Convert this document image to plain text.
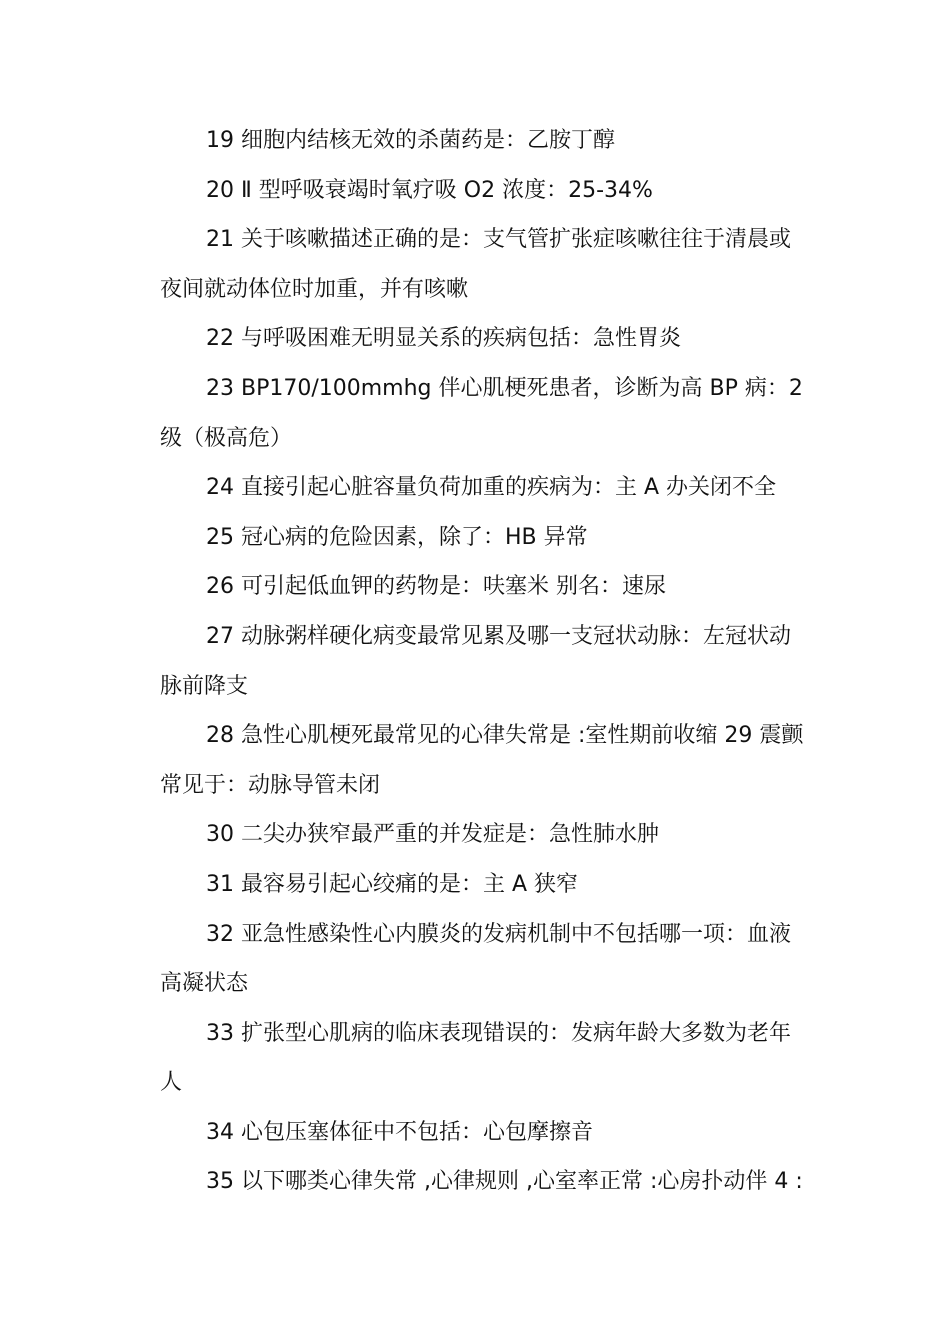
19 细胞内结核无效的杀菌药是：乙胺丁醇

20 Ⅱ 型呼吸衰竭时氧疗吸 O2 浓度：25-34%

21 关于咳嗽描述正确的是：支气管扩张症咳嗽往往于清晨或夜间就动体位时加重，并有咳嗽

22 与呼吸困难无明显关系的疾病包括：急性胃炎

23 BP170/100mmhg 伴心肌梗死患者，诊断为高 BP 病：2 级（极高危）

24 直接引起心脏容量负荷加重的疾病为：主 A 办关闭不全

25 冠心病的危险因素，除了：HB 异常

26 可引起低血钾的药物是：呋塞米 别名：速尿

27 动脉粥样硬化病变最常见累及哪一支冠状动脉：左冠状动脉前降支

28 急性心肌梗死最常见的心律失常是 :室性期前收缩 29 震颤常见于：动脉导管未闭

30 二尖办狭窄最严重的并发症是：急性肺水肿

31 最容易引起心绞痛的是：主 A 狭窄

32 亚急性感染性心内膜炎的发病机制中不包括哪一项：血液高凝状态

33 扩张型心肌病的临床表现错误的：发病年龄大多数为老年人

34 心包压塞体征中不包括：心包摩擦音

35 以下哪类心律失常 ,心律规则 ,心室率正常 :心房扑动伴 4 :
